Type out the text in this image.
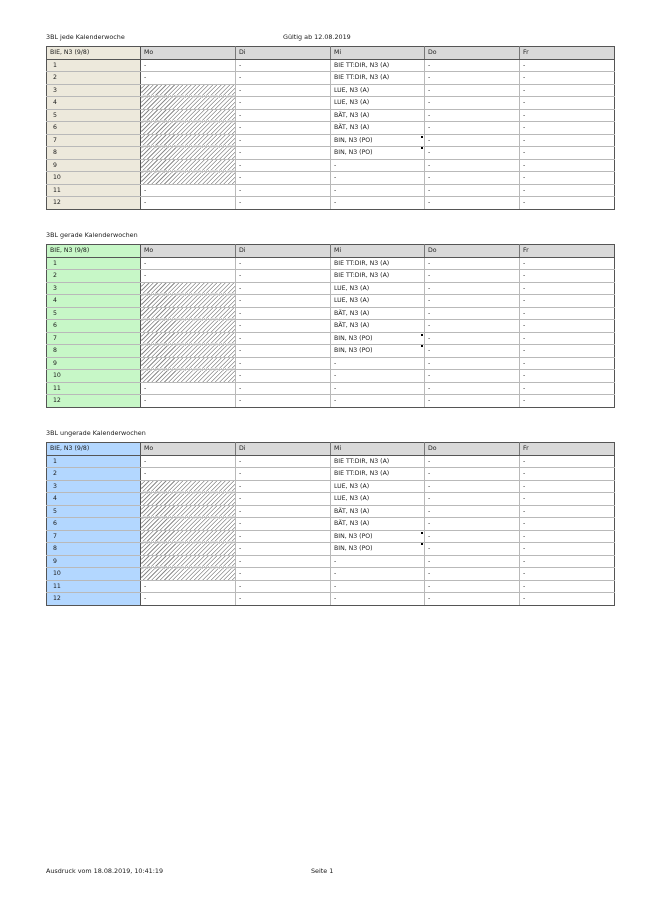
3BL jede Kalenderwoche	Gültig ab 12.08.2019
BIE, N3 (9/8)	Mo	Di	Mi	Do	Fr
1	-	-	BIE TT:DIR, N3 (A)	-	-
2	-	-	BIE TT:DIR, N3 (A)	-	-
3		-	LUE, N3 (A)	-	-
4		-	LUE, N3 (A)	-	-
5		-	BÄT, N3 (A)	-	-
6		-	BÄT, N3 (A)	-	-
7		-	BIN, N3 (PO)	-	-
8		-	BIN, N3 (PO)	-	-
9		-	-	-	-
10		-	-	-	-
11	-	-	-	-	-
12	-	-	-	-	-
3BL gerade Kalenderwochen
BIE, N3 (9/8)	Mo	Di	Mi	Do	Fr
1	-	-	BIE TT:DIR, N3 (A)	-	-
2	-	-	BIE TT:DIR, N3 (A)	-	-
3		-	LUE, N3 (A)	-	-
4		-	LUE, N3 (A)	-	-
5		-	BÄT, N3 (A)	-	-
6		-	BÄT, N3 (A)	-	-
7		-	BIN, N3 (PO)	-	-
8		-	BIN, N3 (PO)	-	-
9		-	-	-	-
10		-	-	-	-
11	-	-	-	-	-
12	-	-	-	-	-
3BL ungerade Kalenderwochen
BIE, N3 (9/8)	Mo	Di	Mi	Do	Fr
1	-	-	BIE TT:DIR, N3 (A)	-	-
2	-	-	BIE TT:DIR, N3 (A)	-	-
3		-	LUE, N3 (A)	-	-
4		-	LUE, N3 (A)	-	-
5		-	BÄT, N3 (A)	-	-
6		-	BÄT, N3 (A)	-	-
7		-	BIN, N3 (PO)	-	-
8		-	BIN, N3 (PO)	-	-
9		-	-	-	-
10		-	-	-	-
11	-	-	-	-	-
12	-	-	-	-	-
Ausdruck vom 18.08.2019, 10:41:19	Seite 1
